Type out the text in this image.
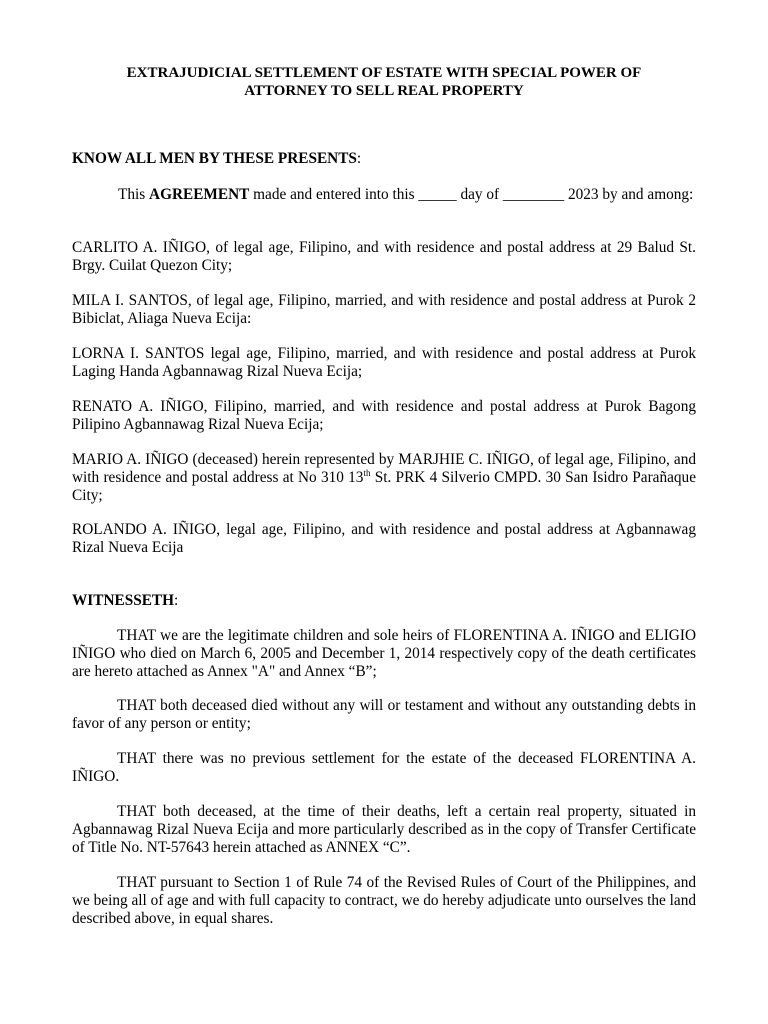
EXTRAJUDICIAL SETTLEMENT OF ESTATE WITH SPECIAL POWER OF
ATTORNEY TO SELL REAL PROPERTY
KNOW ALL MEN BY THESE PRESENTS:
This AGREEMENT made and entered into this _____ day of ________ 2023 by and among:
CARLITO A. IÑIGO, of legal age, Filipino, and with residence and postal address at 29 Balud St. Brgy. Cuilat Quezon City;
MILA I. SANTOS, of legal age, Filipino, married, and with residence and postal address at Purok 2 Bibiclat, Aliaga Nueva Ecija:
LORNA I. SANTOS legal age, Filipino, married, and with residence and postal address at Purok Laging Handa Agbannawag Rizal Nueva Ecija;
RENATO A. IÑIGO, Filipino, married, and with residence and postal address at Purok Bagong Pilipino Agbannawag Rizal Nueva Ecija;
MARIO A. IÑIGO (deceased) herein represented by MARJHIE C. IÑIGO, of legal age, Filipino, and with residence and postal address at No 310 13th St. PRK 4 Silverio CMPD. 30 San Isidro Parañaque City;
ROLANDO A. IÑIGO, legal age, Filipino, and with residence and postal address at Agbannawag Rizal Nueva Ecija
WITNESSETH:
THAT we are the legitimate children and sole heirs of FLORENTINA A. IÑIGO and ELIGIO IÑIGO who died on March 6, 2005 and December 1, 2014 respectively copy of the death certificates are hereto attached as Annex "A" and Annex “B”;
THAT both deceased died without any will or testament and without any outstanding debts in favor of any person or entity;
THAT there was no previous settlement for the estate of the deceased FLORENTINA A. IÑIGO.
THAT both deceased, at the time of their deaths, left a certain real property, situated in Agbannawag Rizal Nueva Ecija and more particularly described as in the copy of Transfer Certificate of Title No. NT-57643 herein attached as ANNEX “C”.
THAT pursuant to Section 1 of Rule 74 of the Revised Rules of Court of the Philippines, and we being all of age and with full capacity to contract, we do hereby adjudicate unto ourselves the land described above, in equal shares.
